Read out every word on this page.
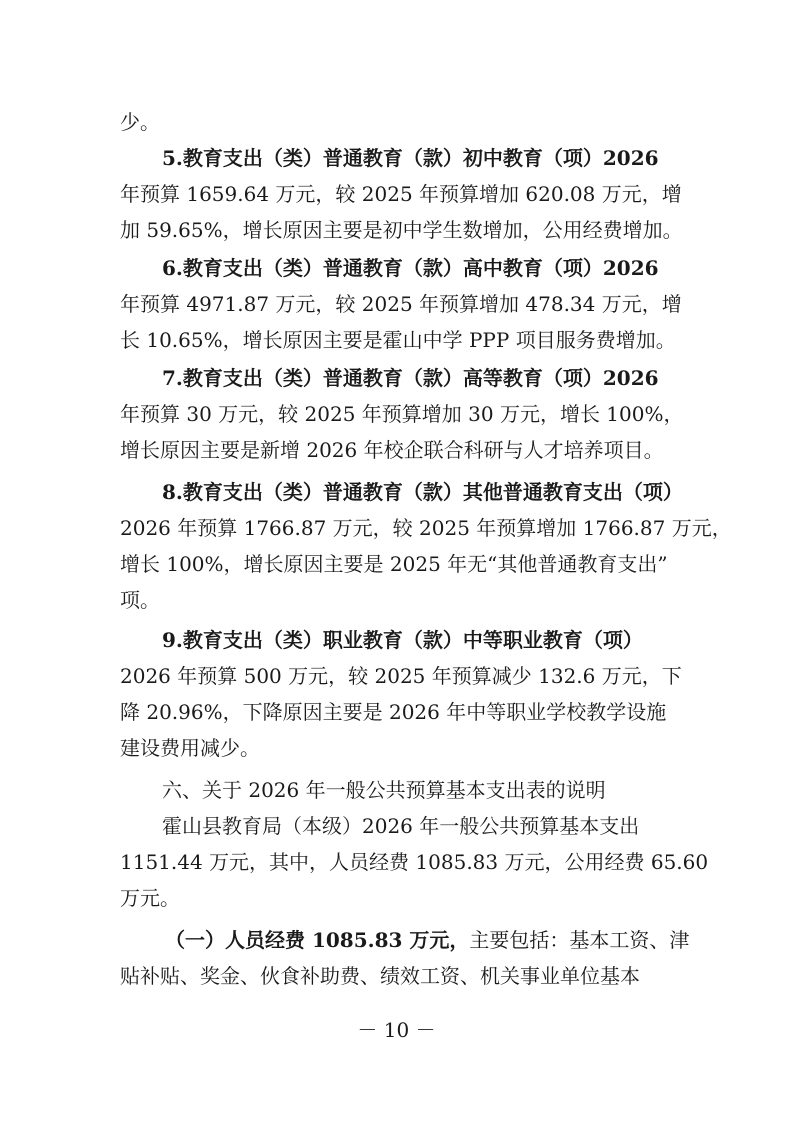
少。
5.教育支出（类）普通教育（款）初中教育（项）2026
年预算 1659.64 万元，较 2025 年预算增加 620.08 万元，增
加 59.65%，增长原因主要是初中学生数增加，公用经费增加。
6.教育支出（类）普通教育（款）高中教育（项）2026
年预算 4971.87 万元，较 2025 年预算增加 478.34 万元，增
长 10.65%，增长原因主要是霍山中学 PPP 项目服务费增加。
7.教育支出（类）普通教育（款）高等教育（项）2026
年预算 30 万元，较 2025 年预算增加 30 万元，增长 100%，
增长原因主要是新增 2026 年校企联合科研与人才培养项目。
8.教育支出（类）普通教育（款）其他普通教育支出（项）
2026 年预算 1766.87 万元，较 2025 年预算增加 1766.87 万元，
增长 100%，增长原因主要是 2025 年无“其他普通教育支出”
项。
9.教育支出（类）职业教育（款）中等职业教育（项）
2026 年预算 500 万元，较 2025 年预算减少 132.6 万元，下
降 20.96%，下降原因主要是 2026 年中等职业学校教学设施
建设费用减少。
六、关于 2026 年一般公共预算基本支出表的说明
霍山县教育局（本级）2026 年一般公共预算基本支出
1151.44 万元，其中，人员经费 1085.83 万元，公用经费 65.60
万元。
（一）人员经费 1085.83 万元，主要包括：基本工资、津
贴补贴、奖金、伙食补助费、绩效工资、机关事业单位基本
－ 10 －
